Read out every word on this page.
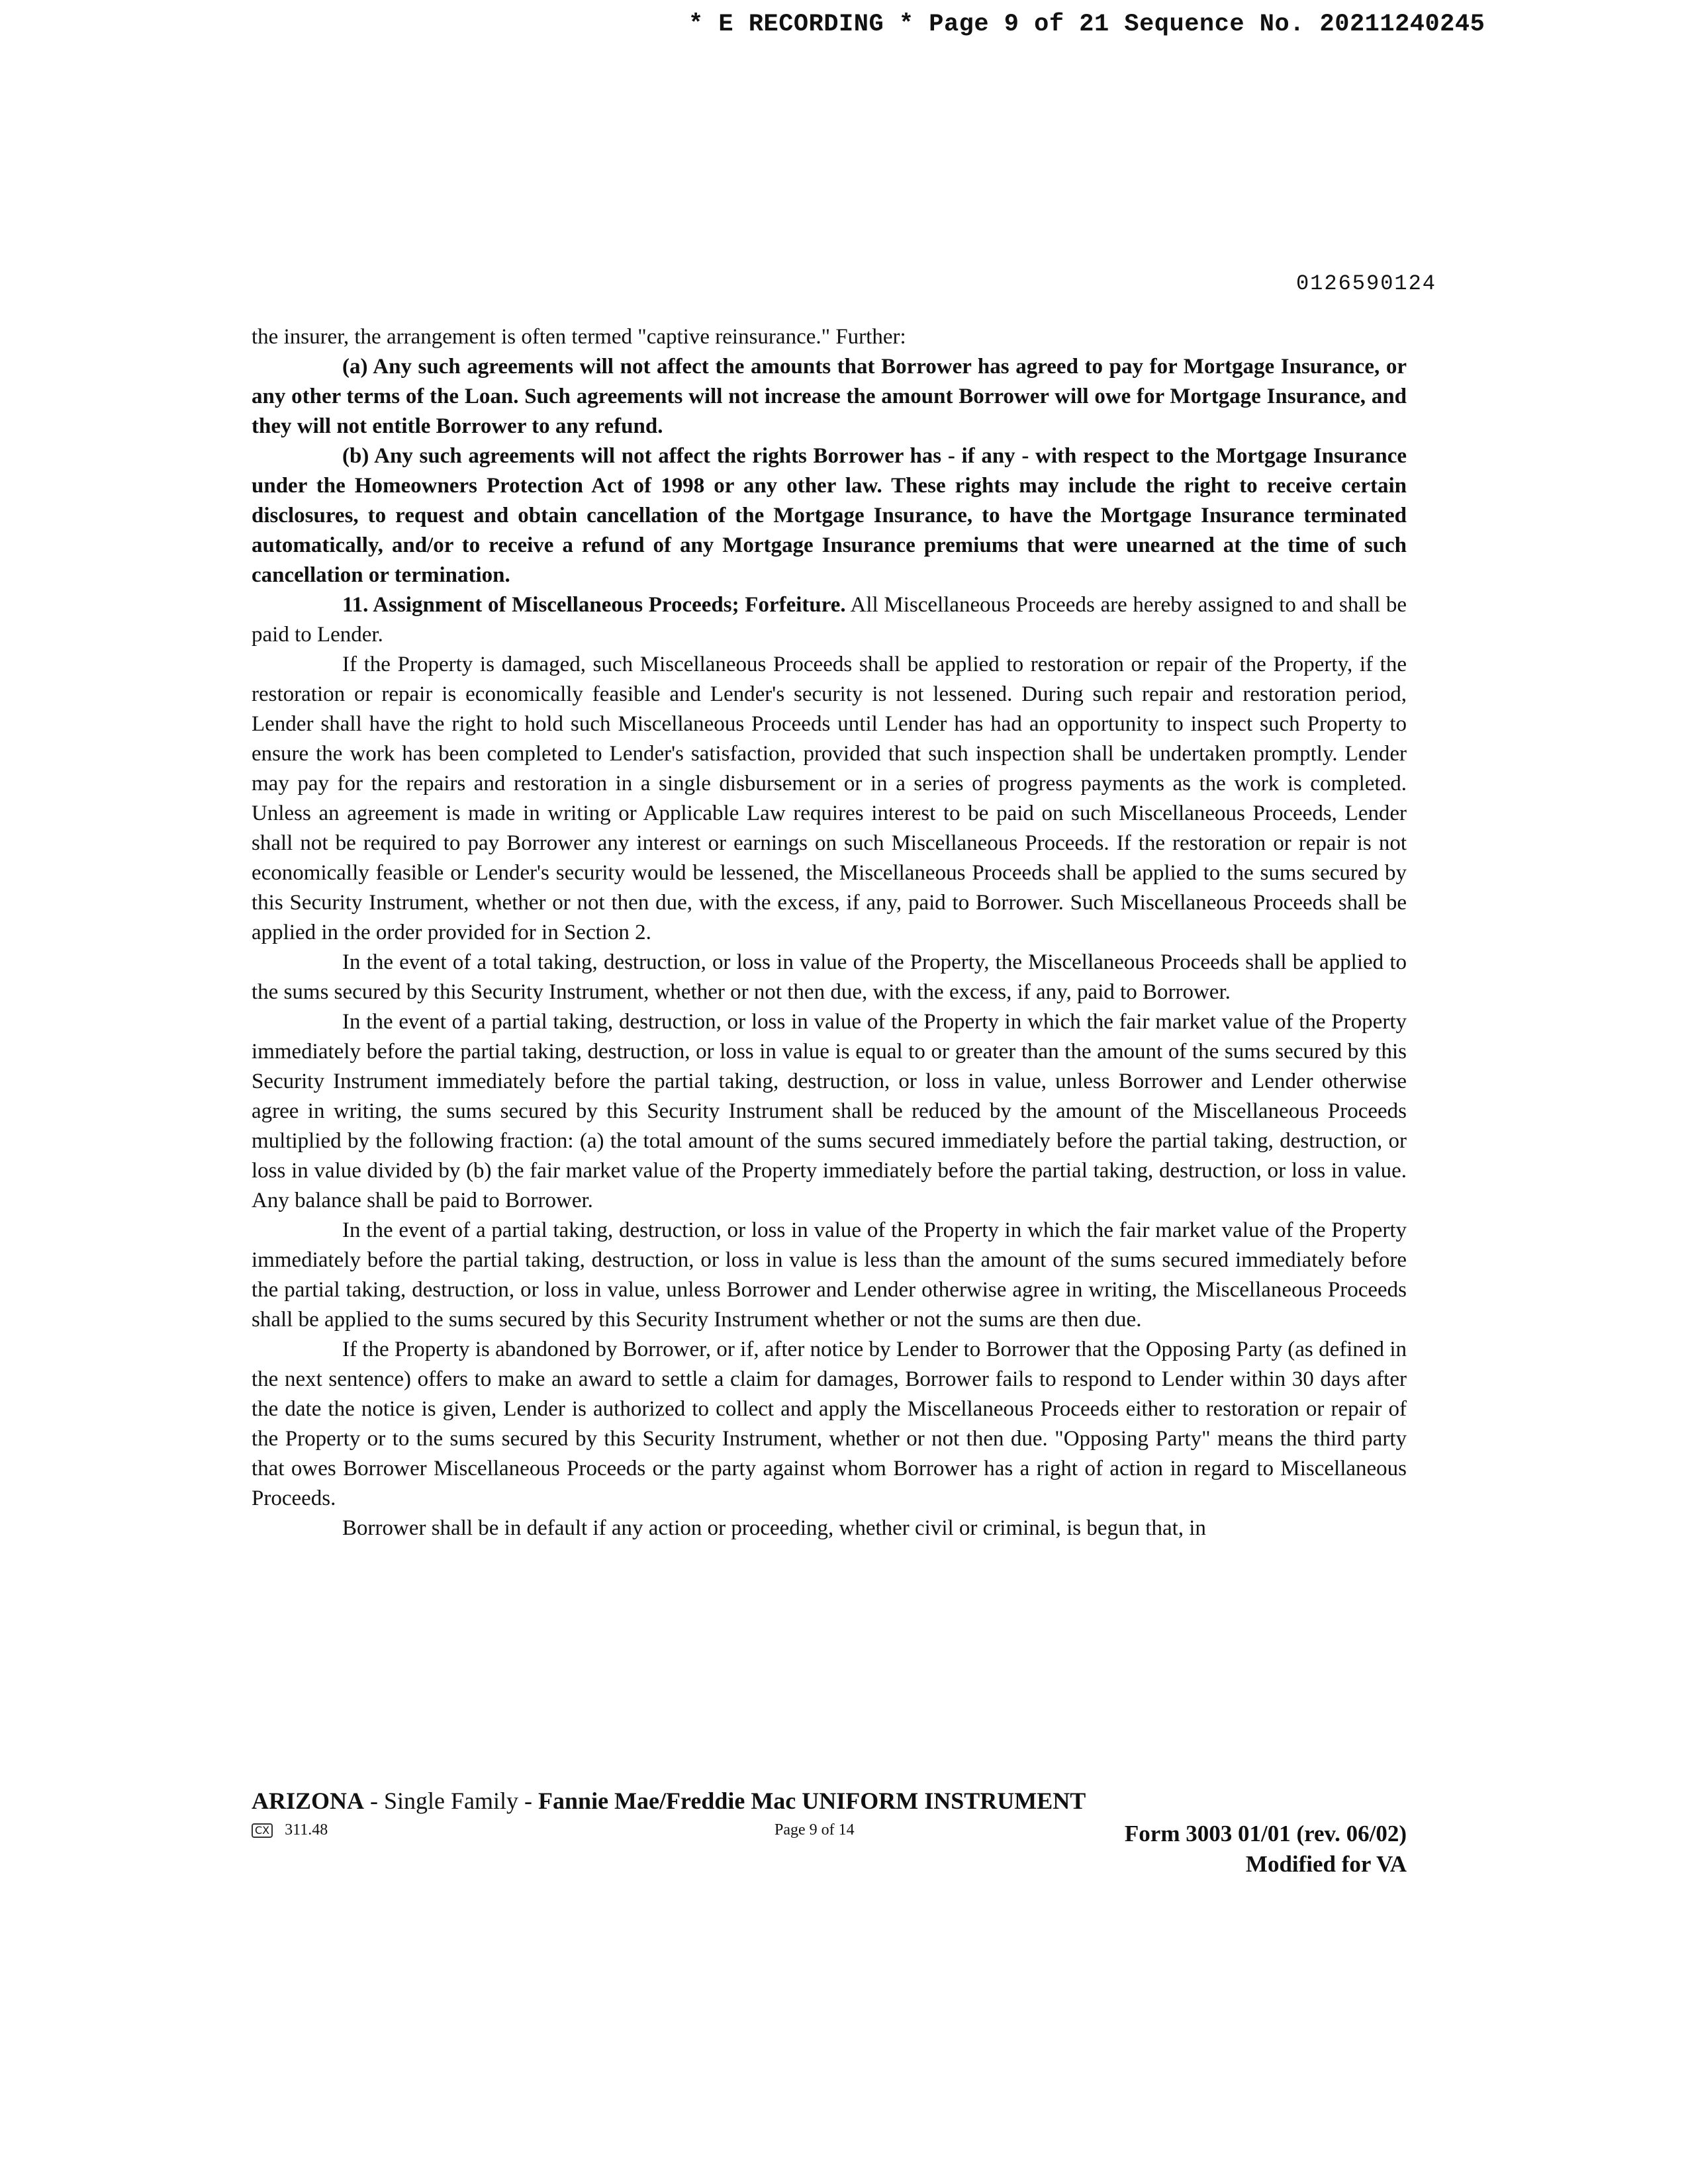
* E RECORDING * Page 9 of 21 Sequence No. 20211240245
0126590124

the insurer, the arrangement is often termed "captive reinsurance." Further:

(a) Any such agreements will not affect the amounts that Borrower has agreed to pay for Mortgage Insurance, or any other terms of the Loan. Such agreements will not increase the amount Borrower will owe for Mortgage Insurance, and they will not entitle Borrower to any refund.

(b) Any such agreements will not affect the rights Borrower has - if any - with respect to the Mortgage Insurance under the Homeowners Protection Act of 1998 or any other law. These rights may include the right to receive certain disclosures, to request and obtain cancellation of the Mortgage Insurance, to have the Mortgage Insurance terminated automatically, and/or to receive a refund of any Mortgage Insurance premiums that were unearned at the time of such cancellation or termination.

11. Assignment of Miscellaneous Proceeds; Forfeiture. All Miscellaneous Proceeds are hereby assigned to and shall be paid to Lender.

If the Property is damaged, such Miscellaneous Proceeds shall be applied to restoration or repair of the Property, if the restoration or repair is economically feasible and Lender's security is not lessened. During such repair and restoration period, Lender shall have the right to hold such Miscellaneous Proceeds until Lender has had an opportunity to inspect such Property to ensure the work has been completed to Lender's satisfaction, provided that such inspection shall be undertaken promptly. Lender may pay for the repairs and restoration in a single disbursement or in a series of progress payments as the work is completed. Unless an agreement is made in writing or Applicable Law requires interest to be paid on such Miscellaneous Proceeds, Lender shall not be required to pay Borrower any interest or earnings on such Miscellaneous Proceeds. If the restoration or repair is not economically feasible or Lender's security would be lessened, the Miscellaneous Proceeds shall be applied to the sums secured by this Security Instrument, whether or not then due, with the excess, if any, paid to Borrower. Such Miscellaneous Proceeds shall be applied in the order provided for in Section 2.

In the event of a total taking, destruction, or loss in value of the Property, the Miscellaneous Proceeds shall be applied to the sums secured by this Security Instrument, whether or not then due, with the excess, if any, paid to Borrower.

In the event of a partial taking, destruction, or loss in value of the Property in which the fair market value of the Property immediately before the partial taking, destruction, or loss in value is equal to or greater than the amount of the sums secured by this Security Instrument immediately before the partial taking, destruction, or loss in value, unless Borrower and Lender otherwise agree in writing, the sums secured by this Security Instrument shall be reduced by the amount of the Miscellaneous Proceeds multiplied by the following fraction: (a) the total amount of the sums secured immediately before the partial taking, destruction, or loss in value divided by (b) the fair market value of the Property immediately before the partial taking, destruction, or loss in value. Any balance shall be paid to Borrower.

In the event of a partial taking, destruction, or loss in value of the Property in which the fair market value of the Property immediately before the partial taking, destruction, or loss in value is less than the amount of the sums secured immediately before the partial taking, destruction, or loss in value, unless Borrower and Lender otherwise agree in writing, the Miscellaneous Proceeds shall be applied to the sums secured by this Security Instrument whether or not the sums are then due.

If the Property is abandoned by Borrower, or if, after notice by Lender to Borrower that the Opposing Party (as defined in the next sentence) offers to make an award to settle a claim for damages, Borrower fails to respond to Lender within 30 days after the date the notice is given, Lender is authorized to collect and apply the Miscellaneous Proceeds either to restoration or repair of the Property or to the sums secured by this Security Instrument, whether or not then due. "Opposing Party" means the third party that owes Borrower Miscellaneous Proceeds or the party against whom Borrower has a right of action in regard to Miscellaneous Proceeds.

Borrower shall be in default if any action or proceeding, whether civil or criminal, is begun that, in

ARIZONA - Single Family - Fannie Mae/Freddie Mac UNIFORM INSTRUMENT
CX 311.48	Page 9 of 14	Form 3003 01/01 (rev. 06/02)
Modified for VA
